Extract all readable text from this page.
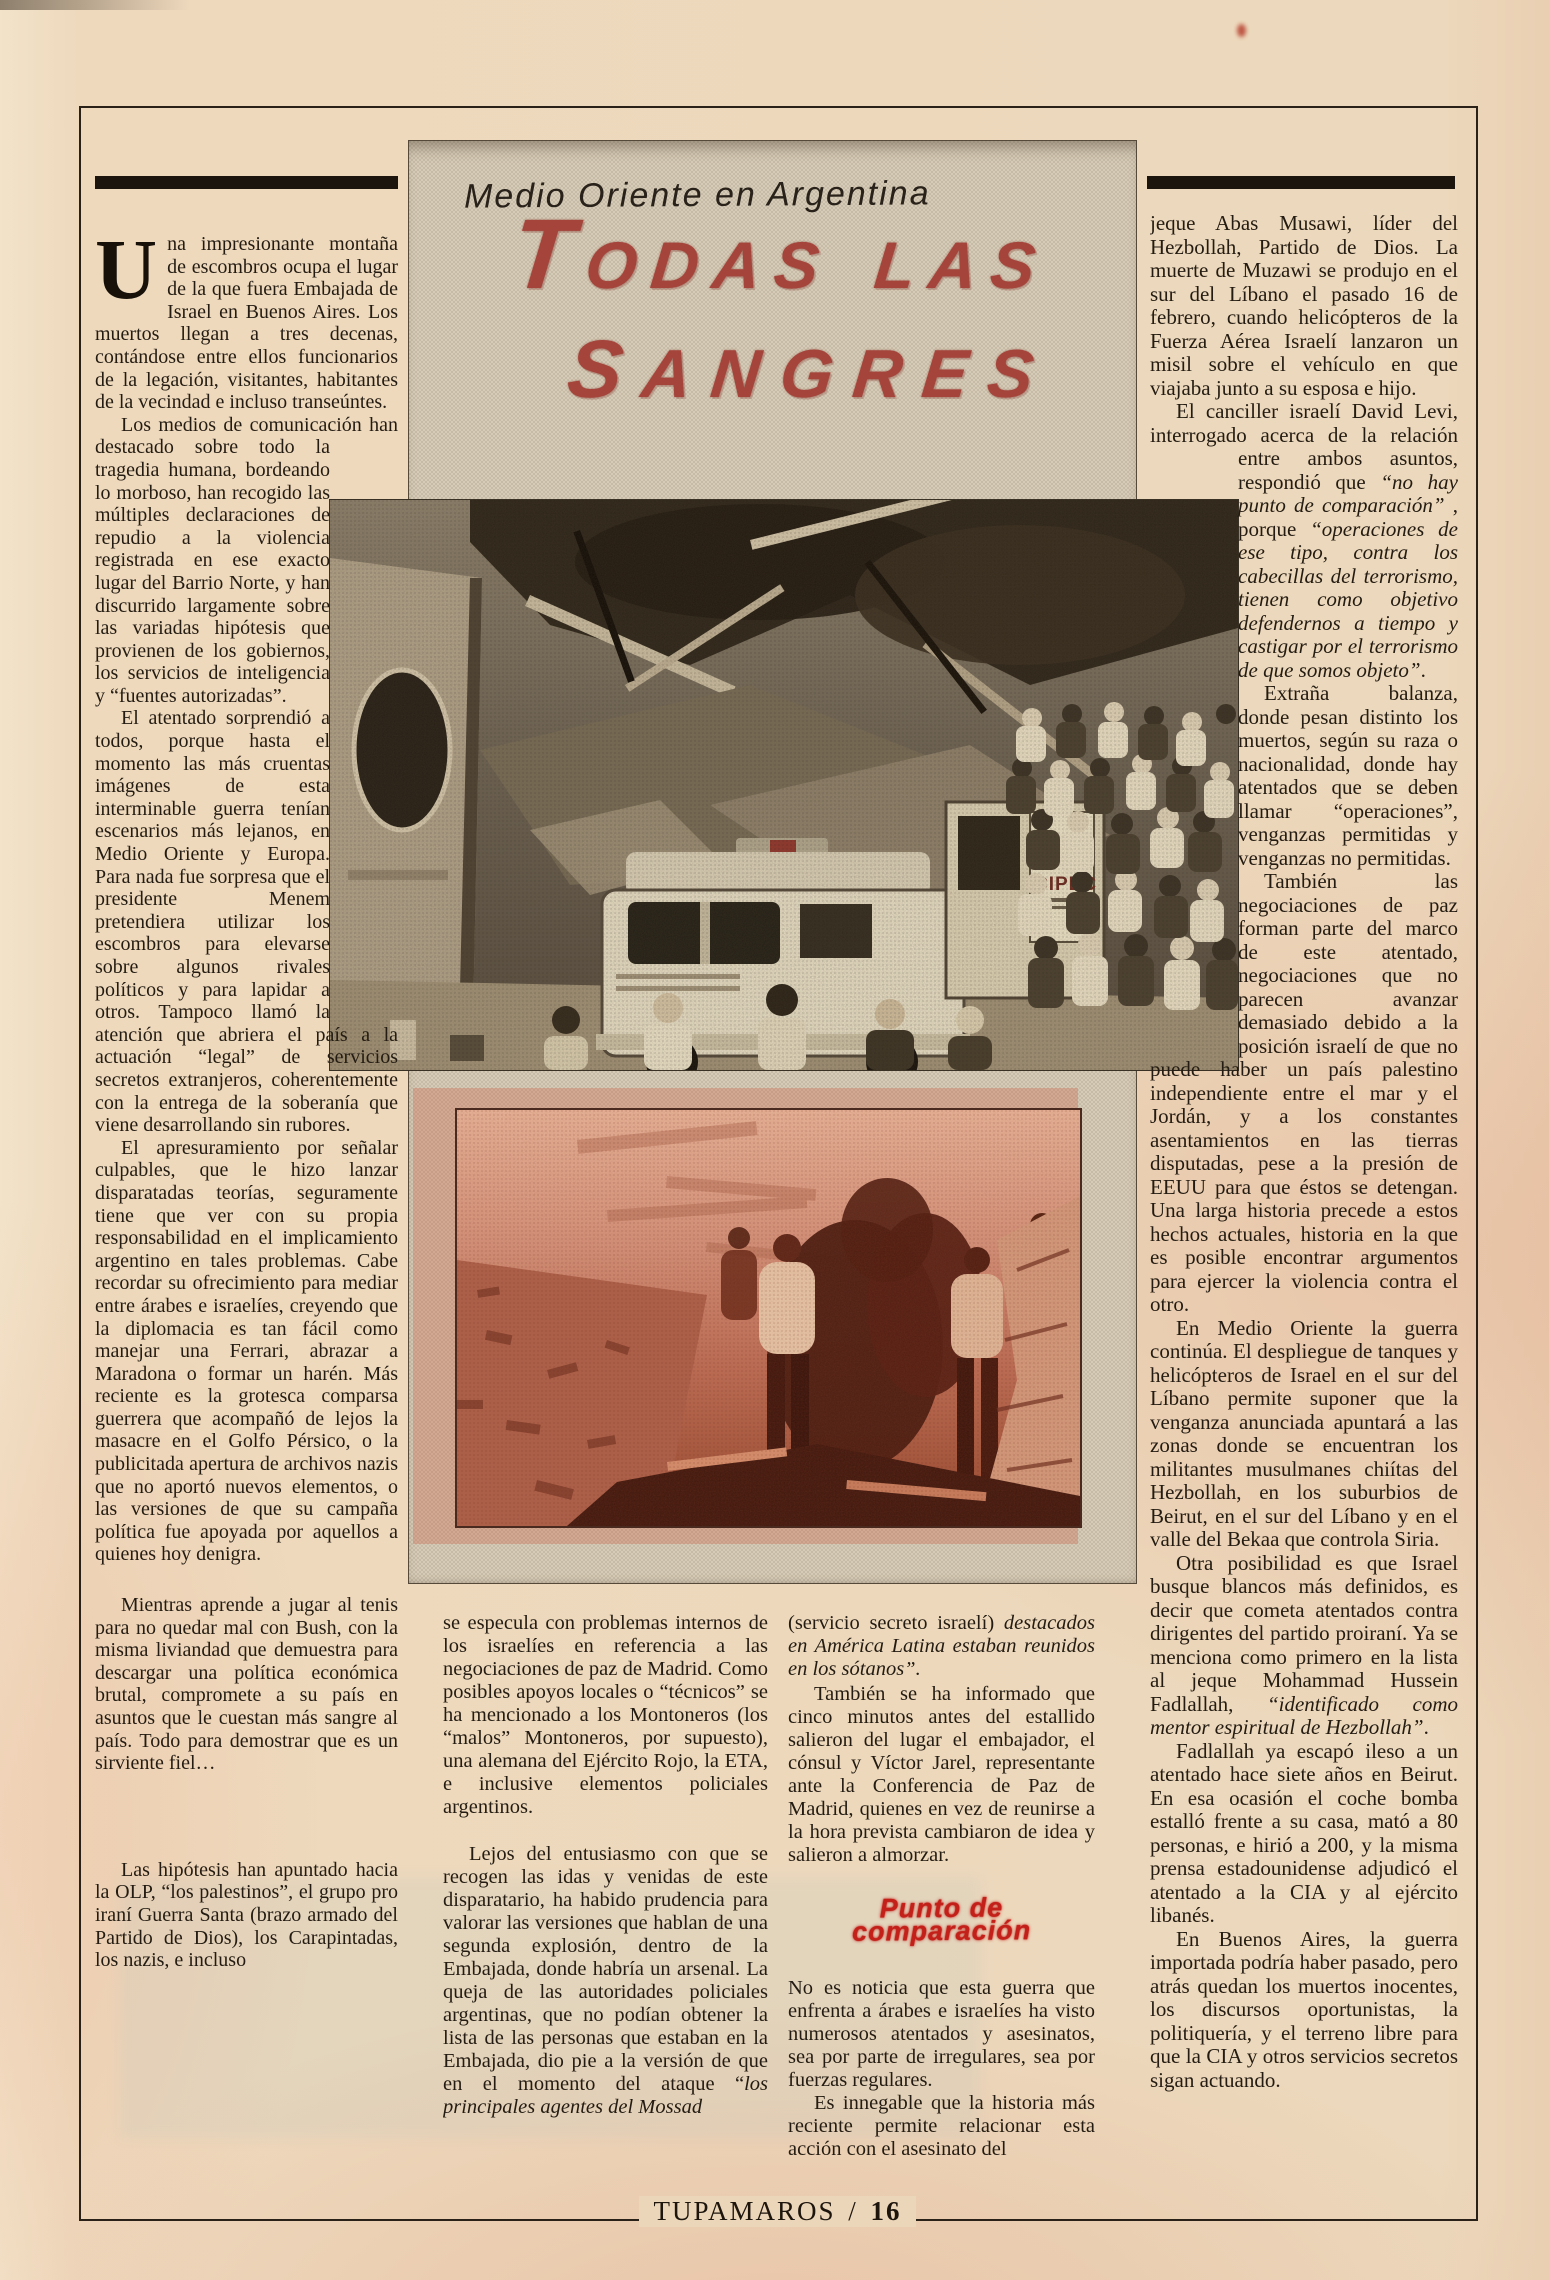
Medio Oriente en Argentina
TODAS LAS
SANGRES

Una impresionante montaña de escombros ocupa el lugar de la que fuera Embajada de Israel en Buenos Aires. Los muertos llegan a tres decenas, contándose entre ellos funcionarios de la legación, visitantes, habitantes de la vecindad e incluso transeúntes.

Los medios de comunicación han destacado sobre todo la
tragedia humana, bordeando lo morboso, han recogido las múltiples declaraciones de repudio a la violencia registrada en ese exacto lugar del Barrio Norte, y han discurrido largamente sobre las variadas hipótesis que provienen de los gobiernos, los servicios de inteligencia y “fuentes autorizadas”.

El atentado sorprendió a todos, porque hasta el momento las más cruentas imágenes de esta interminable guerra tenían escenarios más lejanos, en Medio Oriente y Europa. Para nada fue sorpresa que el presidente Menem pretendiera utilizar los escombros para elevarse sobre algunos rivales políticos y para lapidar a otros. Tampoco llamó la atención que abriera el país a la actuación “legal” de servicios secretos extranjeros, coherentemente con la entrega de la soberanía que viene desarrollando sin rubores.

El apresuramiento por señalar culpables, que le hizo lanzar disparatadas teorías, seguramente tiene que ver con su propia responsabilidad en el implicamiento argentino en tales problemas. Cabe recordar su ofrecimiento para mediar entre árabes e israelíes, creyendo que la diplomacia es tan fácil como manejar una Ferrari, abrazar a Maradona o formar un harén. Más reciente es la grotesca comparsa guerrera que acompañó de lejos la masacre en el Golfo Pérsico, o la publicitada apertura de archivos nazis que no aportó nuevos elementos, o las versiones de que su campaña política fue apoyada por aquellos a quienes hoy denigra.

Mientras aprende a jugar al tenis para no quedar mal con Bush, con la misma liviandad que demuestra para descargar una política económica brutal, compromete a su país en asuntos que le cuestan más sangre al país. Todo para demostrar que es un sirviente fiel…

Las hipótesis han apuntado hacia la OLP, “los palestinos”, el grupo pro iraní Guerra Santa (brazo armado del Partido de Dios), los Carapintadas, los nazis, e incluso

se especula con problemas internos de los israelíes en referencia a las negociaciones de paz de Madrid. Como posibles apoyos locales o “técnicos” se ha mencionado a los Montoneros (los “malos” Montoneros, por supuesto), una alemana del Ejército Rojo, la ETA, e inclusive elementos policiales argentinos.

Lejos del entusiasmo con que se recogen las idas y venidas de este disparatario, ha habido prudencia para valorar las versiones que hablan de una segunda explosión, dentro de la Embajada, donde habría un arsenal. La queja de las autoridades policiales argentinas, que no podían obtener la lista de las personas que estaban en la Embajada, dio pie a la versión de que en el momento del ataque “los principales agentes del Mossad

(servicio secreto israelí) destacados en América Latina estaban reunidos en los sótanos”.

También se ha informado que cinco minutos antes del estallido salieron del lugar el embajador, el cónsul y Víctor Jarel, representante ante la Conferencia de Paz de Madrid, quienes en vez de reunirse a la hora prevista cambiaron de idea y salieron a almorzar.

Punto de comparación

No es noticia que esta guerra que enfrenta a árabes e israelíes ha visto numerosos atentados y asesinatos, sea por parte de irregulares, sea por fuerzas regulares.

Es innegable que la historia más reciente permite relacionar esta acción con el asesinato del

jeque Abas Musawi, líder del Hezbollah, Partido de Dios. La muerte de Muzawi se produjo en el sur del Líbano el pasado 16 de febrero, cuando helicópteros de la Fuerza Aérea Israelí lanzaron un misil sobre el vehículo en que viajaba junto a su esposa e hijo.

El canciller israelí David Levi, interrogado acerca de la relación entre ambos asuntos,
respondió que “no hay punto de comparación” , porque “operaciones de ese tipo, contra los cabecillas del terrorismo, tienen como objetivo defendernos a tiempo y castigar por el terrorismo de que somos objeto”.

Extraña balanza, donde pesan distinto los muertos, según su raza o nacionalidad, donde hay atentados que se deben llamar “operaciones”, venganzas permitidas y venganzas no permitidas.

También las negociaciones de paz forman parte del marco de este atentado, negociaciones que no parecen avanzar demasiado debido a la posición israelí de que no puede haber un país palestino independiente entre el mar y el Jordán, y a los constantes asentamientos en las tierras disputadas, pese a la presión de EEUU para que éstos se detengan. Una larga historia precede a estos hechos actuales, historia en la que es posible encontrar argumentos para ejercer la violencia contra el otro.

En Medio Oriente la guerra continúa. El despliegue de tanques y helicópteros de Israel en el sur del Líbano permite suponer que la venganza anunciada apuntará a las zonas donde se encuentran los militantes musulmanes chiítas del Hezbollah, en los suburbios de Beirut, en el sur del Líbano y en el valle del Bekaa que controla Siria.

Otra posibilidad es que Israel busque blancos más definidos, es decir que cometa atentados contra dirigentes del partido proiraní. Ya se menciona como primero en la lista al jeque Mohammad Hussein Fadlallah, “identificado como mentor espiritual de Hezbollah”.

Fadlallah ya escapó ileso a un atentado hace siete años en Beirut. En esa ocasión el coche bomba estalló frente a su casa, mató a 80 personas, e hirió a 200, y la misma prensa estadounidense adjudicó el atentado a la CIA y al ejército libanés.

En Buenos Aires, la guerra importada podría haber pasado, pero atrás quedan los muertos inocentes, los discursos oportunistas, la politiquería, y el terreno libre para que la CIA y otros servicios secretos sigan actuando.

TUPAMAROS / 16
